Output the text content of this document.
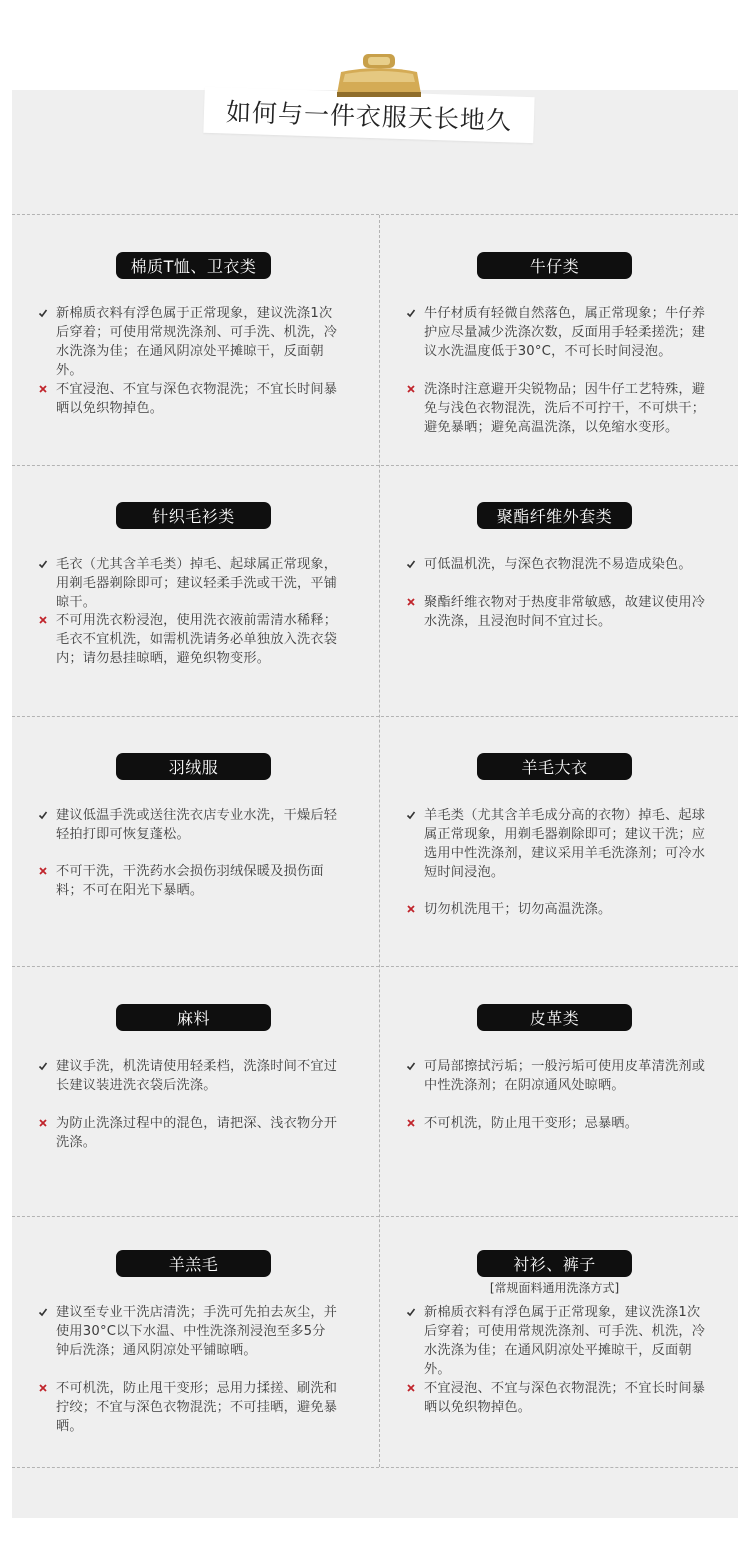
如何与一件衣服天长地久
棉质T恤、卫衣类
新棉质衣料有浮色属于正常现象，建议洗涤1次后穿着；可使用常规洗涤剂、可手洗、机洗，冷水洗涤为佳；在通风阴凉处平摊晾干，反面朝外。
不宜浸泡、不宜与深色衣物混洗；不宜长时间暴晒以免织物掉色。
牛仔类
牛仔材质有轻微自然落色，属正常现象；牛仔养护应尽量减少洗涤次数，反面用手轻柔搓洗；建议水洗温度低于30°C，不可长时间浸泡。
洗涤时注意避开尖锐物品；因牛仔工艺特殊，避免与浅色衣物混洗，洗后不可拧干，不可烘干；避免暴晒；避免高温洗涤，以免缩水变形。
针织毛衫类
毛衣（尤其含羊毛类）掉毛、起球属正常现象，用剃毛器剃除即可；建议轻柔手洗或干洗，平铺晾干。
不可用洗衣粉浸泡，使用洗衣液前需清水稀释；毛衣不宜机洗，如需机洗请务必单独放入洗衣袋内；请勿悬挂晾晒，避免织物变形。
聚酯纤维外套类
可低温机洗，与深色衣物混洗不易造成染色。
聚酯纤维衣物对于热度非常敏感，故建议使用冷水洗涤，且浸泡时间不宜过长。
羽绒服
建议低温手洗或送往洗衣店专业水洗，干燥后轻轻拍打即可恢复蓬松。
不可干洗，干洗药水会损伤羽绒保暖及损伤面料；不可在阳光下暴晒。
羊毛大衣
羊毛类（尤其含羊毛成分高的衣物）掉毛、起球属正常现象，用剃毛器剃除即可；建议干洗；应选用中性洗涤剂，建议采用羊毛洗涤剂；可冷水短时间浸泡。
切勿机洗甩干；切勿高温洗涤。
麻料
建议手洗，机洗请使用轻柔档，洗涤时间不宜过长建议装进洗衣袋后洗涤。
为防止洗涤过程中的混色，请把深、浅衣物分开洗涤。
皮革类
可局部擦拭污垢；一般污垢可使用皮革清洗剂或中性洗涤剂；在阴凉通风处晾晒。
不可机洗，防止甩干变形；忌暴晒。
羊羔毛
建议至专业干洗店清洗；手洗可先拍去灰尘，并使用30°C以下水温、中性洗涤剂浸泡至多5分钟后洗涤；通风阴凉处平铺晾晒。
不可机洗，防止甩干变形；忌用力揉搓、刷洗和拧绞；不宜与深色衣物混洗；不可挂晒，避免暴晒。
衬衫、裤子
[常规面料通用洗涤方式]
新棉质衣料有浮色属于正常现象，建议洗涤1次后穿着；可使用常规洗涤剂、可手洗、机洗，冷水洗涤为佳；在通风阴凉处平摊晾干，反面朝外。
不宜浸泡、不宜与深色衣物混洗；不宜长时间暴晒以免织物掉色。
